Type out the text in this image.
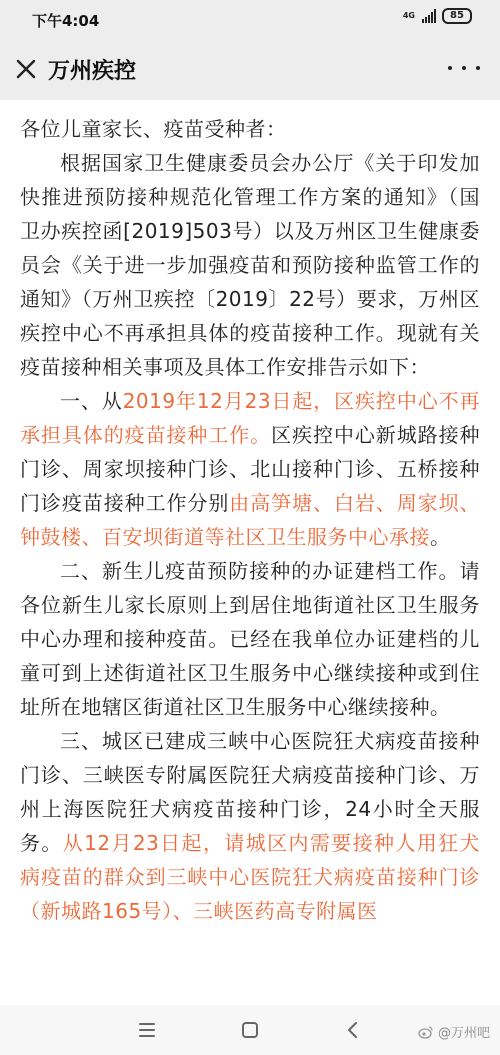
下午4:04	4G	85
万州疾控

各位儿童家长、疫苗受种者：

根据国家卫生健康委员会办公厅《关于印发加快推进预防接种规范化管理工作方案的通知》（国卫办疾控函[2019]503号）以及万州区卫生健康委员会《关于进一步加强疫苗和预防接种监管工作的通知》（万州卫疾控〔2019〕22号）要求，万州区疾控中心不再承担具体的疫苗接种工作。现就有关疫苗接种相关事项及具体工作安排告示如下：

一、从2019年12月23日起，区疾控中心不再承担具体的疫苗接种工作。区疾控中心新城路接种门诊、周家坝接种门诊、北山接种门诊、五桥接种门诊疫苗接种工作分别由高笋塘、白岩、周家坝、钟鼓楼、百安坝街道等社区卫生服务中心承接。

二、新生儿疫苗预防接种的办证建档工作。请各位新生儿家长原则上到居住地街道社区卫生服务中心办理和接种疫苗。已经在我单位办证建档的儿童可到上述街道社区卫生服务中心继续接种或到住址所在地辖区街道社区卫生服务中心继续接种。

三、城区已建成三峡中心医院狂犬病疫苗接种门诊、三峡医专附属医院狂犬病疫苗接种门诊、万州上海医院狂犬病疫苗接种门诊，24小时全天服务。从12月23日起，请城区内需要接种人用狂犬病疫苗的群众到三峡中心医院狂犬病疫苗接种门诊（新城路165号）、三峡医药高专附属医

@万州吧
